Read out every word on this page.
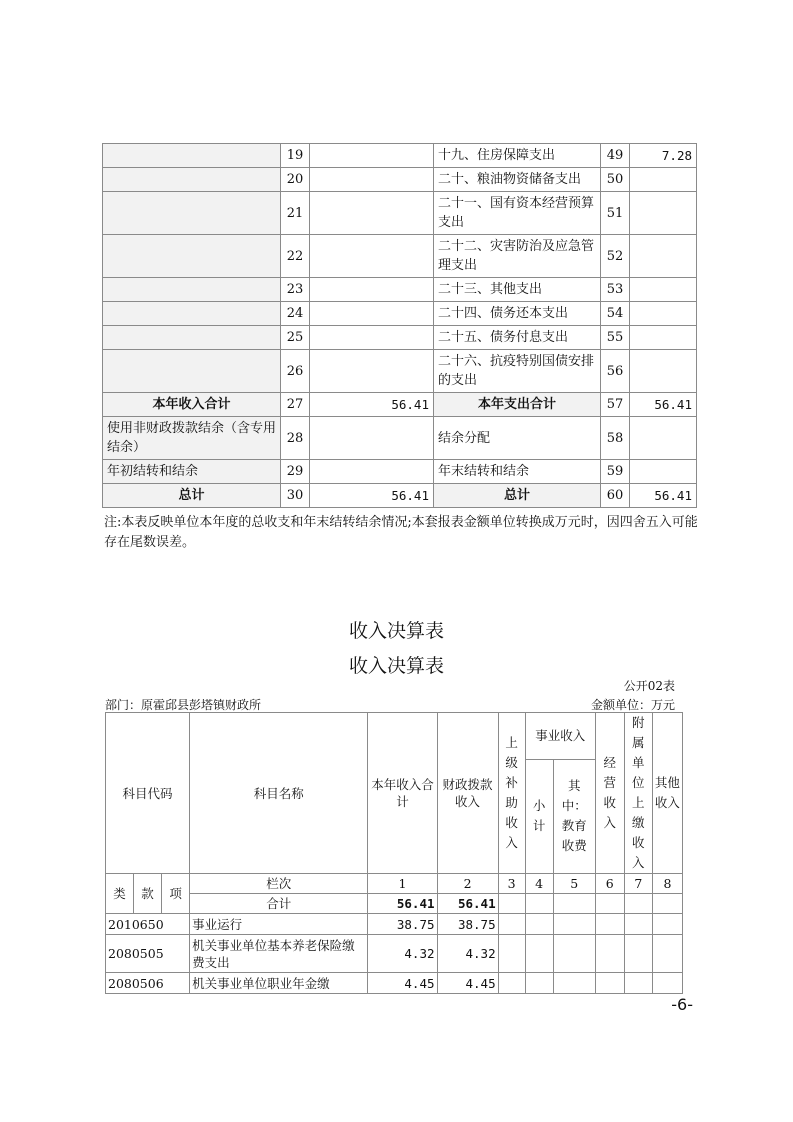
	19		十九、住房保障支出	49	7.28
	20		二十、粮油物资储备支出	50	
	21		二十一、国有资本经营预算支出	51	
	22		二十二、灾害防治及应急管理支出	52	
	23		二十三、其他支出	53	
	24		二十四、债务还本支出	54	
	25		二十五、债务付息支出	55	
	26		二十六、抗疫特别国债安排的支出	56	
本年收入合计	27	56.41	本年支出合计	57	56.41
使用非财政拨款结余（含专用结余）	28		结余分配	58	
年初结转和结余	29		年末结转和结余	59	
总计	30	56.41	总计	60	56.41
注:本表反映单位本年度的总收支和年末结转结余情况;本套报表金额单位转换成万元时，因四舍五入可能存在尾数误差。
收入决算表
收入决算表
公开02表
部门：原霍邱县彭塔镇财政所	金额单位：万元
科目代码			科目名称	本年收入合计	财政拨款收入	上级补助收入	事业收入		经营收入	附属单位上缴收入	其他收入
							小计	其中：教育收费			
类	款	项	栏次	1	2	3	4	5	6	7	8
			合计	56.41	56.41						
2010650			事业运行	38.75	38.75						
2080505			机关事业单位基本养老保险缴费支出	4.32	4.32						
2080506			机关事业单位职业年金缴	4.45	4.45						
-6-
